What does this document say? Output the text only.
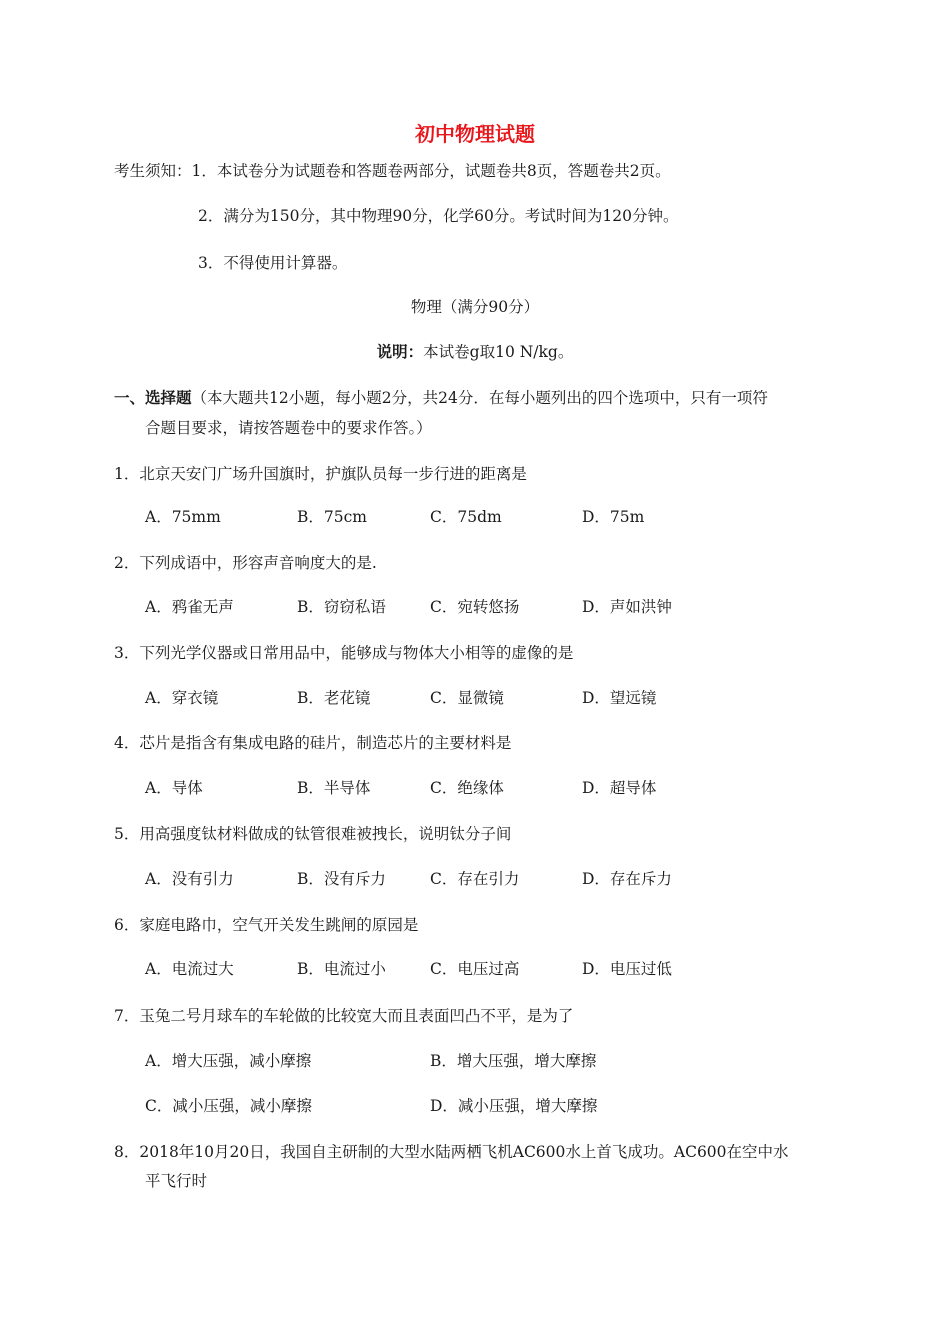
初中物理试题
考生须知：1．本试卷分为试题卷和答题卷两部分，试题卷共8页，答题卷共2页。
2．满分为150分，其中物理90分，化学60分。考试时间为120分钟。
3．不得使用计算器。
物理（满分90分）
说明：本试卷g取10 N/kg。
一、选择题（本大题共12小题，每小题2分，共24分．在每小题列出的四个选项中，只有一项符
合题目要求，请按答题卷中的要求作答。）
1．北京天安门广场升国旗时，护旗队员每一步行进的距离是
A．75mm	B．75cm	C．75dm	D．75m
2．下列成语中，形容声音响度大的是.
A．鸦雀无声	B．窃窃私语	C．宛转悠扬	D．声如洪钟
3．下列光学仪器或日常用品中，能够成与物体大小相等的虚像的是
A．穿衣镜	B．老花镜	C．显微镜	D．望远镜
4．芯片是指含有集成电路的硅片，制造芯片的主要材料是
A．导体	B．半导体	C．绝缘体	D．超导体
5．用高强度钛材料做成的钛管很难被拽长，说明钛分子间
A．没有引力	B．没有斥力	C．存在引力	D．存在斥力
6．家庭电路巾，空气开关发生跳闸的原园是
A．电流过大	B．电流过小	C．电压过高	D．电压过低
7．玉兔二号月球车的车轮做的比较宽大而且表面凹凸不平，是为了
A．增大压强，减小摩擦	B．增大压强，增大摩擦
C．减小压强，减小摩擦	D．减小压强，增大摩擦
8．2018年10月20日，我国自主研制的大型水陆两栖飞机AC600水上首飞成功。AC600在空中水
平飞行时
